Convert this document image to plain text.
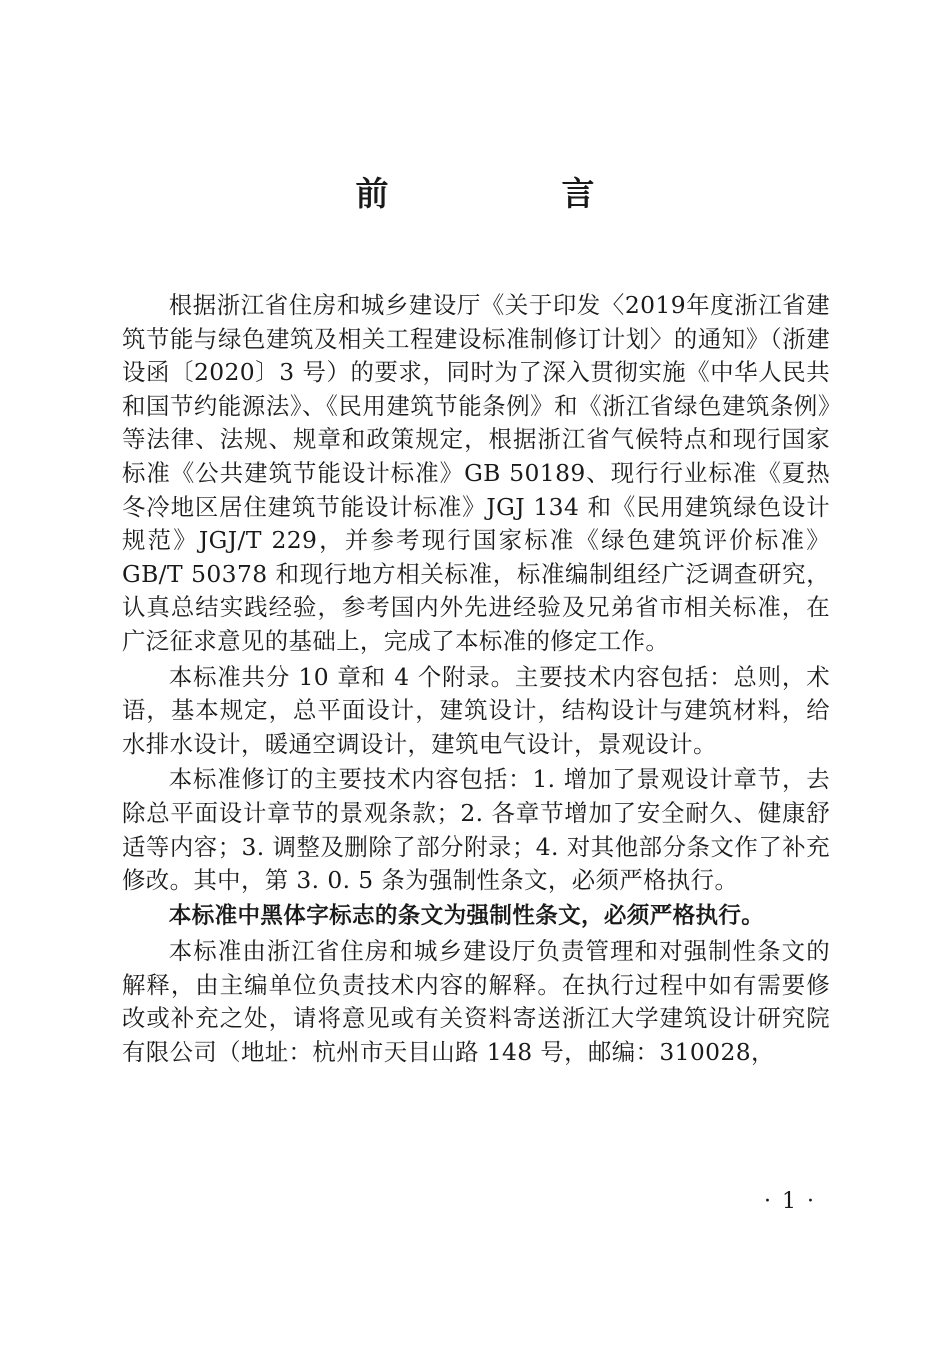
前　言

根据浙江省住房和城乡建设厅《关于印发〈2019年度浙江省建筑节能与绿色建筑及相关工程建设标准制修订计划〉的通知》（浙建设函〔2020〕3 号）的要求，同时为了深入贯彻实施《中华人民共和国节约能源法》、《民用建筑节能条例》和《浙江省绿色建筑条例》等法律、法规、规章和政策规定，根据浙江省气候特点和现行国家标准《公共建筑节能设计标准》GB 50189、现行行业标准《夏热冬冷地区居住建筑节能设计标准》JGJ 134 和《民用建筑绿色设计规范》JGJ/T 229，并参考现行国家标准《绿色建筑评价标准》GB/T 50378 和现行地方相关标准，标准编制组经广泛调查研究，认真总结实践经验，参考国内外先进经验及兄弟省市相关标准，在广泛征求意见的基础上，完成了本标准的修定工作。

本标准共分 10 章和 4 个附录。主要技术内容包括：总则，术语，基本规定，总平面设计，建筑设计，结构设计与建筑材料，给水排水设计，暖通空调设计，建筑电气设计，景观设计。

本标准修订的主要技术内容包括：1. 增加了景观设计章节，去除总平面设计章节的景观条款；2. 各章节增加了安全耐久、健康舒适等内容；3. 调整及删除了部分附录；4. 对其他部分条文作了补充修改。其中，第 3. 0. 5 条为强制性条文，必须严格执行。

本标准中黑体字标志的条文为强制性条文，必须严格执行。

本标准由浙江省住房和城乡建设厅负责管理和对强制性条文的解释，由主编单位负责技术内容的解释。在执行过程中如有需要修改或补充之处，请将意见或有关资料寄送浙江大学建筑设计研究院有限公司（地址：杭州市天目山路 148 号，邮编：310028，

· 1 ·
